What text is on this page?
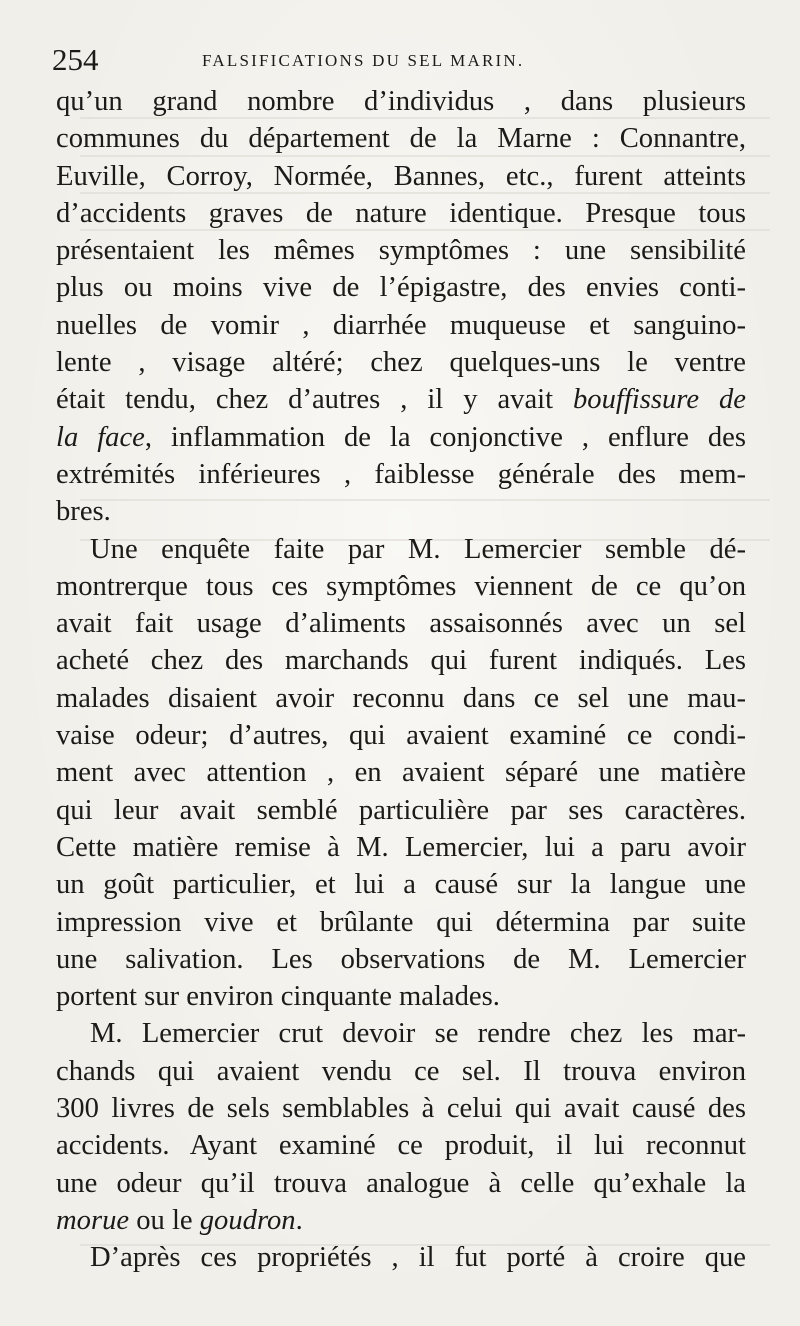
254	FALSIFICATIONS DU SEL MARIN.
qu’un grand nombre d’individus , dans plusieurs
communes du département de la Marne : Connantre,
Euville, Corroy, Normée, Bannes, etc., furent atteints
d’accidents graves de nature identique. Presque tous
présentaient les mêmes symptômes : une sensibilité
plus ou moins vive de l’épigastre, des envies conti-
nuelles de vomir , diarrhée muqueuse et sanguino-
lente , visage altéré; chez quelques-uns le ventre
était tendu, chez d’autres , il y avait bouffissure de
la face, inflammation de la conjonctive , enflure des
extrémités inférieures , faiblesse générale des mem-
bres.
Une enquête faite par M. Lemercier semble dé-
montrerque tous ces symptômes viennent de ce qu’on
avait fait usage d’aliments assaisonnés avec un sel
acheté chez des marchands qui furent indiqués. Les
malades disaient avoir reconnu dans ce sel une mau-
vaise odeur; d’autres, qui avaient examiné ce condi-
ment avec attention , en avaient séparé une matière
qui leur avait semblé particulière par ses caractères.
Cette matière remise à M. Lemercier, lui a paru avoir
un goût particulier, et lui a causé sur la langue une
impression vive et brûlante qui détermina par suite
une salivation. Les observations de M. Lemercier
portent sur environ cinquante malades.
M. Lemercier crut devoir se rendre chez les mar-
chands qui avaient vendu ce sel. Il trouva environ
300 livres de sels semblables à celui qui avait causé des
accidents. Ayant examiné ce produit, il lui reconnut
une odeur qu’il trouva analogue à celle qu’exhale la
morue ou le goudron.
D’après ces propriétés , il fut porté à croire que
